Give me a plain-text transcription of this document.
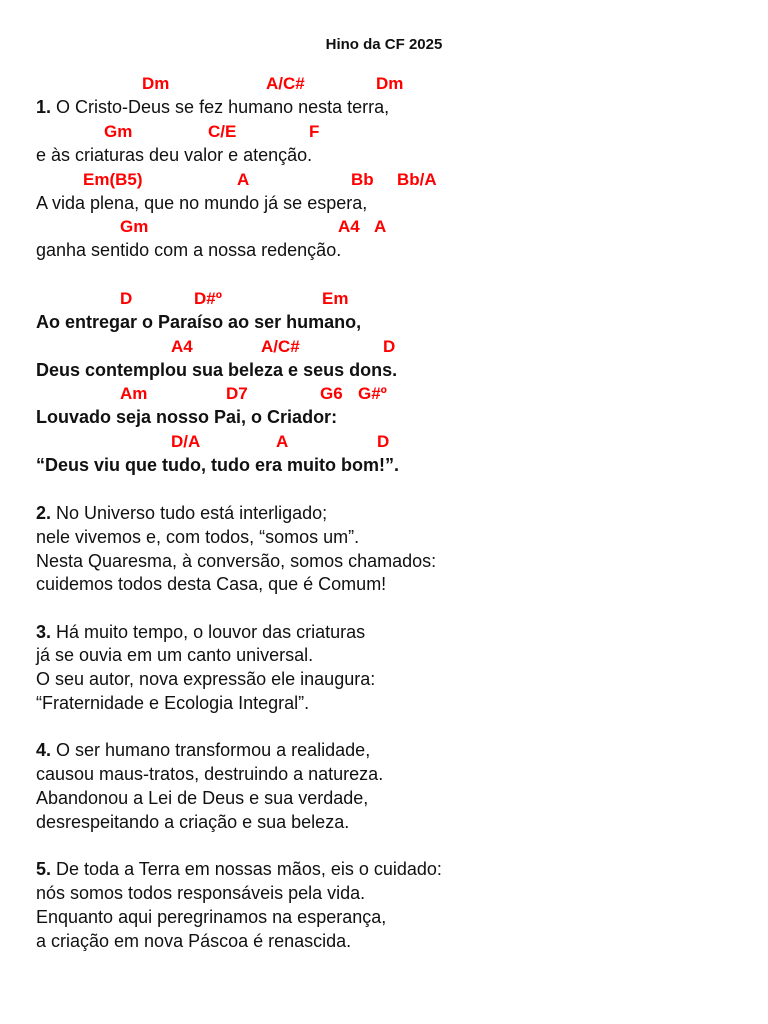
Hino da CF 2025
Dm	A/C#	Dm
1. O Cristo-Deus se fez humano nesta terra,
Gm	C/E	F
e às criaturas deu valor e atenção.
Em(B5)	A	Bb Bb/A
A vida plena, que no mundo já se espera,
Gm	A4 A
ganha sentido com a nossa redenção.
D	D#º	Em
Ao entregar o Paraíso ao ser humano,
A4	A/C#	D
Deus contemplou sua beleza e seus dons.
Am	D7	G6 G#º
Louvado seja nosso Pai, o Criador:
D/A	A	D
“Deus viu que tudo, tudo era muito bom!”.
2. No Universo tudo está interligado;
nele vivemos e, com todos, “somos um”.
Nesta Quaresma, à conversão, somos chamados:
cuidemos todos desta Casa, que é Comum!
3. Há muito tempo, o louvor das criaturas
já se ouvia em um canto universal.
O seu autor, nova expressão ele inaugura:
“Fraternidade e Ecologia Integral”.
4. O ser humano transformou a realidade,
causou maus-tratos, destruindo a natureza.
Abandonou a Lei de Deus e sua verdade,
desrespeitando a criação e sua beleza.
5. De toda a Terra em nossas mãos, eis o cuidado:
nós somos todos responsáveis pela vida.
Enquanto aqui peregrinamos na esperança,
a criação em nova Páscoa é renascida.
